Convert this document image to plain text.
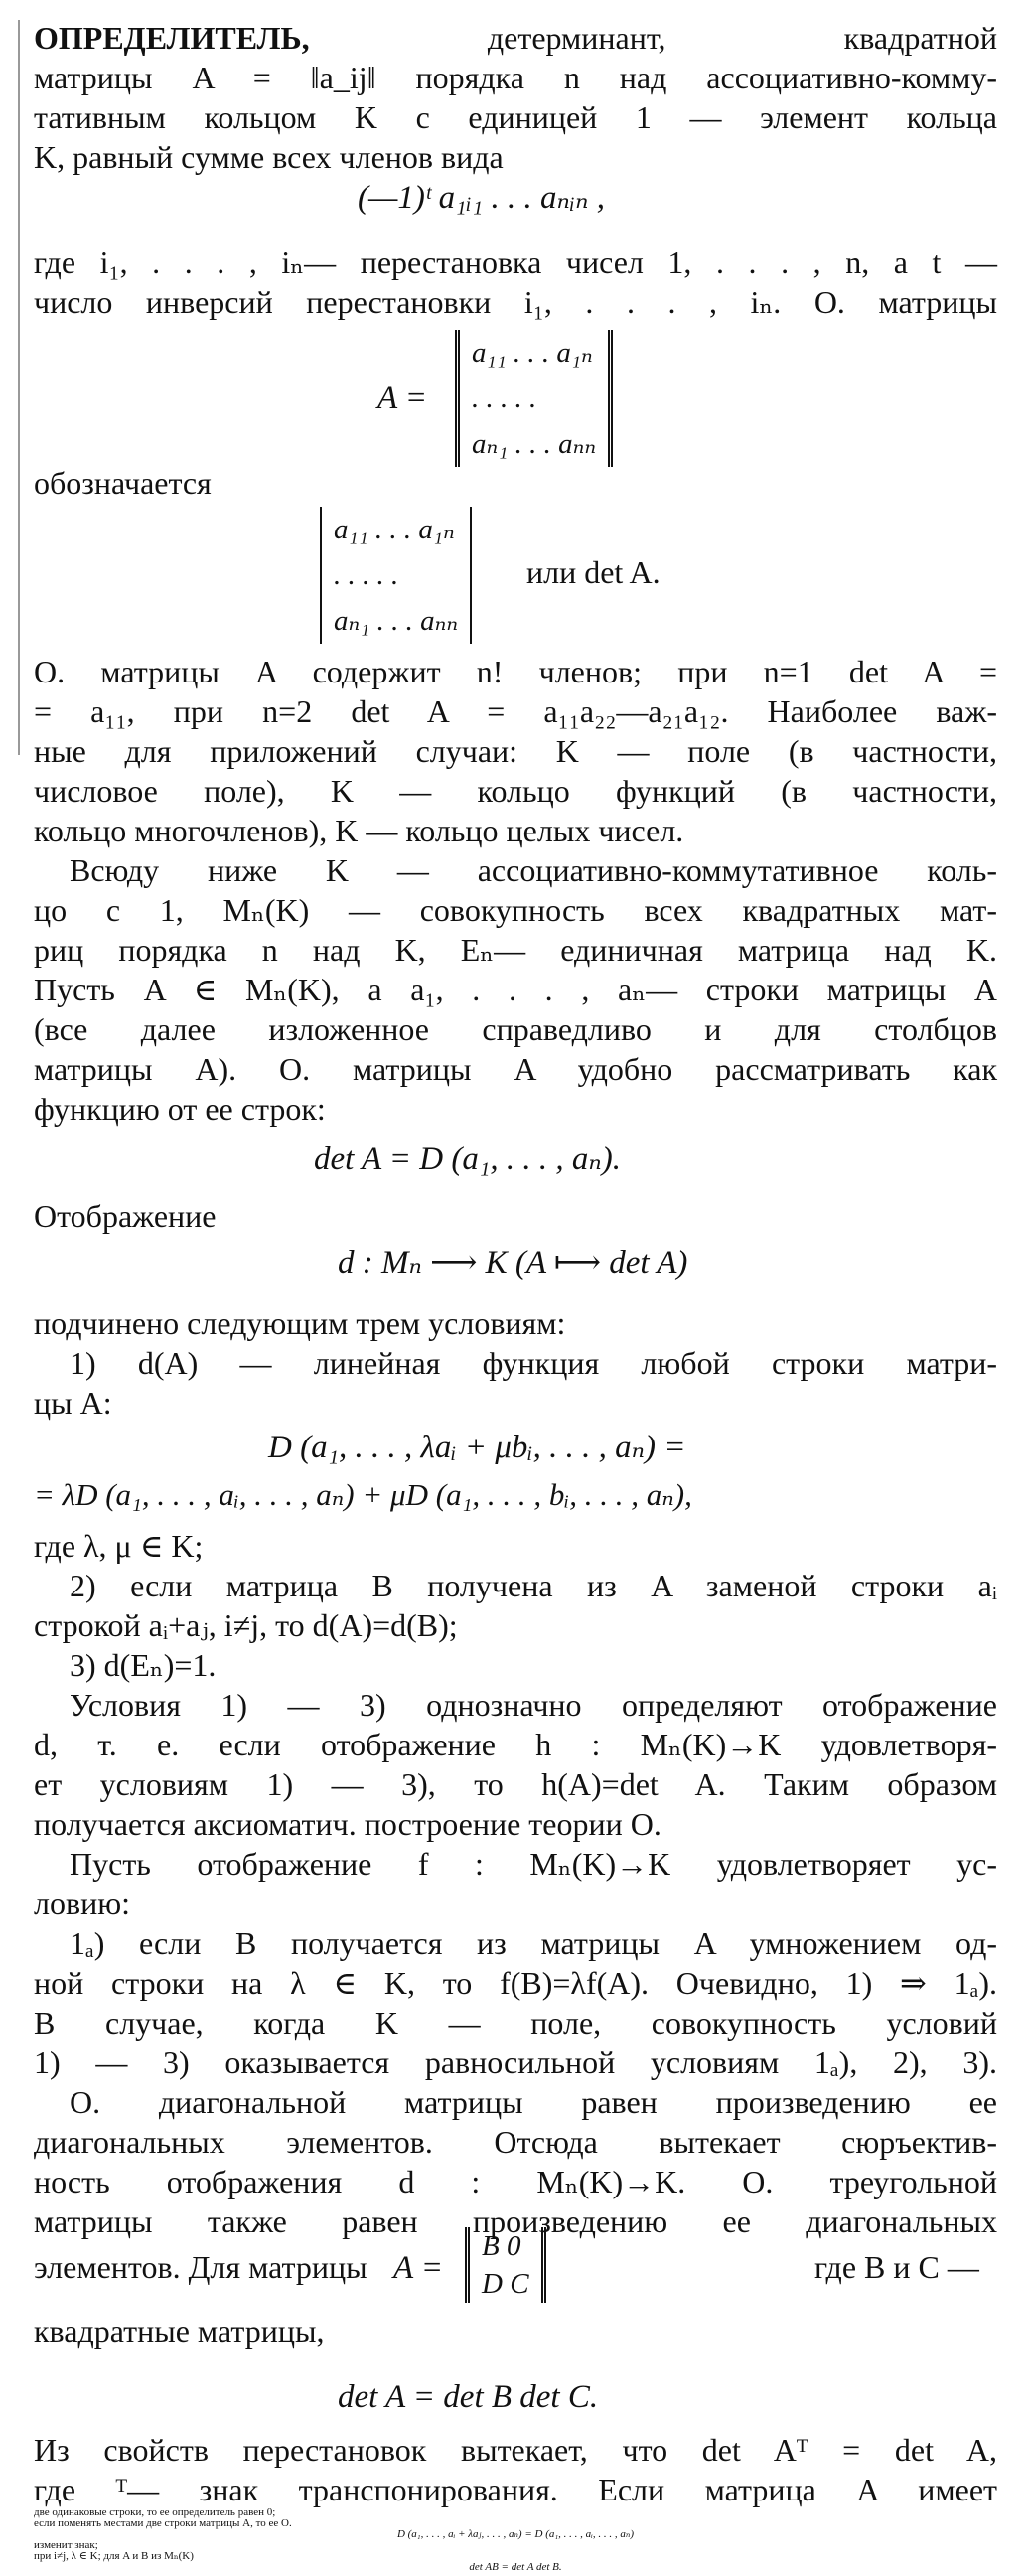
ОПРЕДЕЛИТЕЛЬ,	детерминант, квадратной
матрицы A = ‖a_ij‖ порядка n над ассоциативно-комму-
тативным кольцом K с единицей 1 — элемент кольца
K, равный сумме всех членов вида
(—1)ᵗ a₁ᵢ₁ . . . aₙᵢₙ ,
где i₁, . . . , iₙ— перестановка чисел 1, . . . , n, а t —
число инверсий перестановки i₁, . . . , iₙ. О. матрицы
A =
a₁₁ . . . a₁ₙ
. . . . .
aₙ₁ . . . aₙₙ
обозначается
a₁₁ . . . a₁ₙ
. . . . .
aₙ₁ . . . aₙₙ
или det A.
О. матрицы A содержит n! членов; при n=1 det A =
= a₁₁, при n=2 det A = a₁₁a₂₂—a₂₁a₁₂. Наиболее важ-
ные для приложений случаи: K — поле (в частности,
числовое поле), K — кольцо функций (в частности,
кольцо многочленов), K — кольцо целых чисел.
Всюду ниже K — ассоциативно-коммутативное коль-
цо с 1, Mₙ(K) — совокупность всех квадратных мат-
риц порядка n над K, Eₙ— единичная матрица над K.
Пусть A ∈ Mₙ(K), а a₁, . . . , aₙ— строки матрицы A
(все далее изложенное справедливо и для столбцов
матрицы A). О. матрицы A удобно рассматривать как
функцию от ее строк:
det A = D (a₁, . . . , aₙ).
Отображение
d : Mₙ ⟶ K (A ⟼ det A)
подчинено следующим трем условиям:
1) d(A) — линейная функция любой строки матри-
цы A:
D (a₁, . . . , λaᵢ + μbᵢ, . . . , aₙ) =
= λD (a₁, . . . , aᵢ, . . . , aₙ) + μD (a₁, . . . , bᵢ, . . . , aₙ),
где λ, μ ∈ K;
2) если матрица B получена из A заменой строки aᵢ
строкой aᵢ+aⱼ, i≠j, то d(A)=d(B);
3) d(Eₙ)=1.
Условия 1) — 3) однозначно определяют отображение
d, т. е. если отображение h : Mₙ(K)→K удовлетворя-
ет условиям 1) — 3), то h(A)=det A. Таким образом
получается аксиоматич. построение теории О.
Пусть отображение f : Mₙ(K)→K удовлетворяет ус-
ловию:
1ₐ) если B получается из матрицы A умножением од-
ной строки на λ ∈ K, то f(B)=λf(A). Очевидно, 1) ⇒ 1ₐ).
В случае, когда K — поле, совокупность условий
1) — 3) оказывается равносильной условиям 1ₐ), 2), 3).
О. диагональной матрицы равен произведению ее
диагональных элементов. Отсюда вытекает сюръектив-
ность отображения d : Mₙ(K)→K. О. треугольной
матрицы также равен произведению ее диагональных
элементов. Для матрицы A =
B 0
D C	где B и C —
квадратные матрицы,
det A = det B det C.
Из свойств перестановок вытекает, что det Aᵀ = det A,
где ᵀ— знак транспонирования. Если матрица A имеет
две одинаковые строки, то ее определитель равен 0;
если поменять местами две строки матрицы A, то ее О.
D (a₁, . . . , aᵢ + λaⱼ, . . . , aₙ) = D (a₁, . . . , aᵢ, . . . , aₙ)
изменит знак;
при i≠j, λ ∈ K; для A и B из Mₙ(K)
det AB = det A det B.
